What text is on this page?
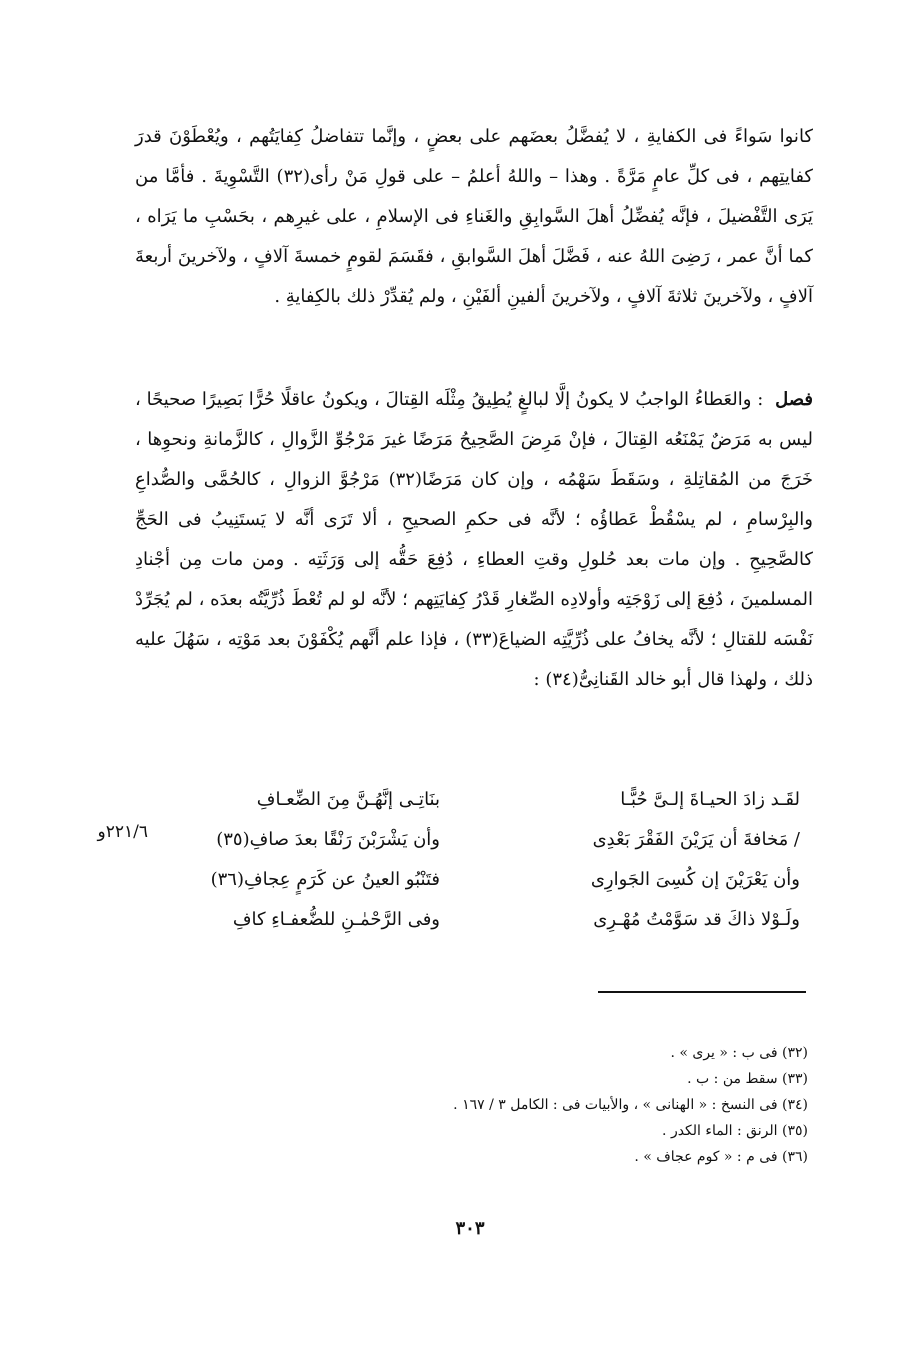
كانوا سَواءً فى الكفايةِ ، لا يُفضَّلُ بعضَهم على بعضٍ ، وإنَّما تتفاضلُ كِفايَتُهم ، ويُعْطَوْنَ قدرَ كفايتِهم ، فى كلِّ عامٍ مَرَّةً . وهذا – واللهُ أعلمُ – على قولِ مَنْ رأى(٣٢) التَّسْوِيةَ . فأمَّا من يَرَى التَّفْضيلَ ، فإنَّه يُفضِّلُ أهلَ السَّوابِقِ والغَناءِ فى الإسلامِ ، على غيرِهم ، بحَسْبِ ما يَرَاه ، كما أنَّ عمر ، رَضِىَ اللهُ عنه ، فَضَّلَ أهلَ السَّوابقِ ، فقَسَمَ لقومٍ خمسةَ آلافٍ ، ولآخرينَ أربعةَ آلافٍ ، ولآخرينَ ثلاثةَ آلافٍ ، ولآخرينَ ألفينِ ألفَيْنِ ، ولم يُقدِّرْ ذلك بالكِفايةِ .

فصل : والعَطاءُ الواجبُ لا يكونُ إلَّا لبالغٍ يُطِيقُ مِثْلَه القِتالَ ، ويكونُ عاقلًا حُرًّا بَصِيرًا صحيحًا ، ليس به مَرَضٌ يَمْنَعُه القِتالَ ، فإنْ مَرِضَ الصَّحِيحُ مَرَضًا غيرَ مَرْجُوِّ الزَّوالِ ، كالزَّمانةِ ونحوِها ، خَرَجَ من المُقاتِلةِ ، وسَقَطَ سَهْمُه ، وإن كان مَرَضًا(٣٢) مَرْجُوَّ الزوالِ ، كالحُمَّى والصُّداعِ والبِرْسامِ ، لم يسْقُطْ عَطاؤُه ؛ لأنَّه فى حكمِ الصحيحِ ، ألا تَرَى أنَّه لا يَستَنِيبُ فى الحَجِّ كالصَّحِيحِ . وإن مات بعد حُلولِ وقتِ العطاءِ ، دُفِعَ حَقُّه إلى وَرَثَتِه . ومن مات مِن أجْنادِ المسلمينَ ، دُفِعَ إلى زَوْجَتِه وأولادِه الصِّغارِ قَدْرُ كِفايَتِهم ؛ لأنَّه لو لم تُعْطَ ذُرِّيَّتُه بعدَه ، لم يُجَرِّدْ نَفْسَه للقتالِ ؛ لأنَّه يخافُ على ذُرِّيَّتِه الضياعَ(٣٣) ، فإذا علم أنَّهم يُكْفَوْنَ بعد مَوْتِه ، سَهُلَ عليه ذلك ، ولهذا قال أبو خالد القَنانِىُّ(٣٤) :

لقَـد زادَ الحيـاةَ إلـىَّ حُبًّـا
بنَاتِـى إنَّهُـنَّ مِنَ الضِّعـافِ
/ مَخافةَ أن يَرَيْنَ الفَقْرَ بَعْدِى
وأن يَشْرَبْنَ رَنْقًا بعدَ صافِ(٣٥)
وأن يَعْرَيْنَ إن كُسِىَ الجَوارِى
فتَنْبُو العينُ عن كَرَمٍ عِجافِ(٣٦)
ولَـوْلا ذاكَ قد سَوَّمْتُ مُهْـرِى
وفى الرَّحْمٰـنِ للضُّعفـاءِ كافِ
٢٢١/٦و
(٣٢) فى ب : « يرى » .
(٣٣) سقط من : ب .
(٣٤) فى النسخ : « الهنانى » ، والأبيات فى : الكامل ٣ / ١٦٧ .
(٣٥) الرنق : الماء الكدر .
(٣٦) فى م : « كوم عجاف » .
٣٠٣
